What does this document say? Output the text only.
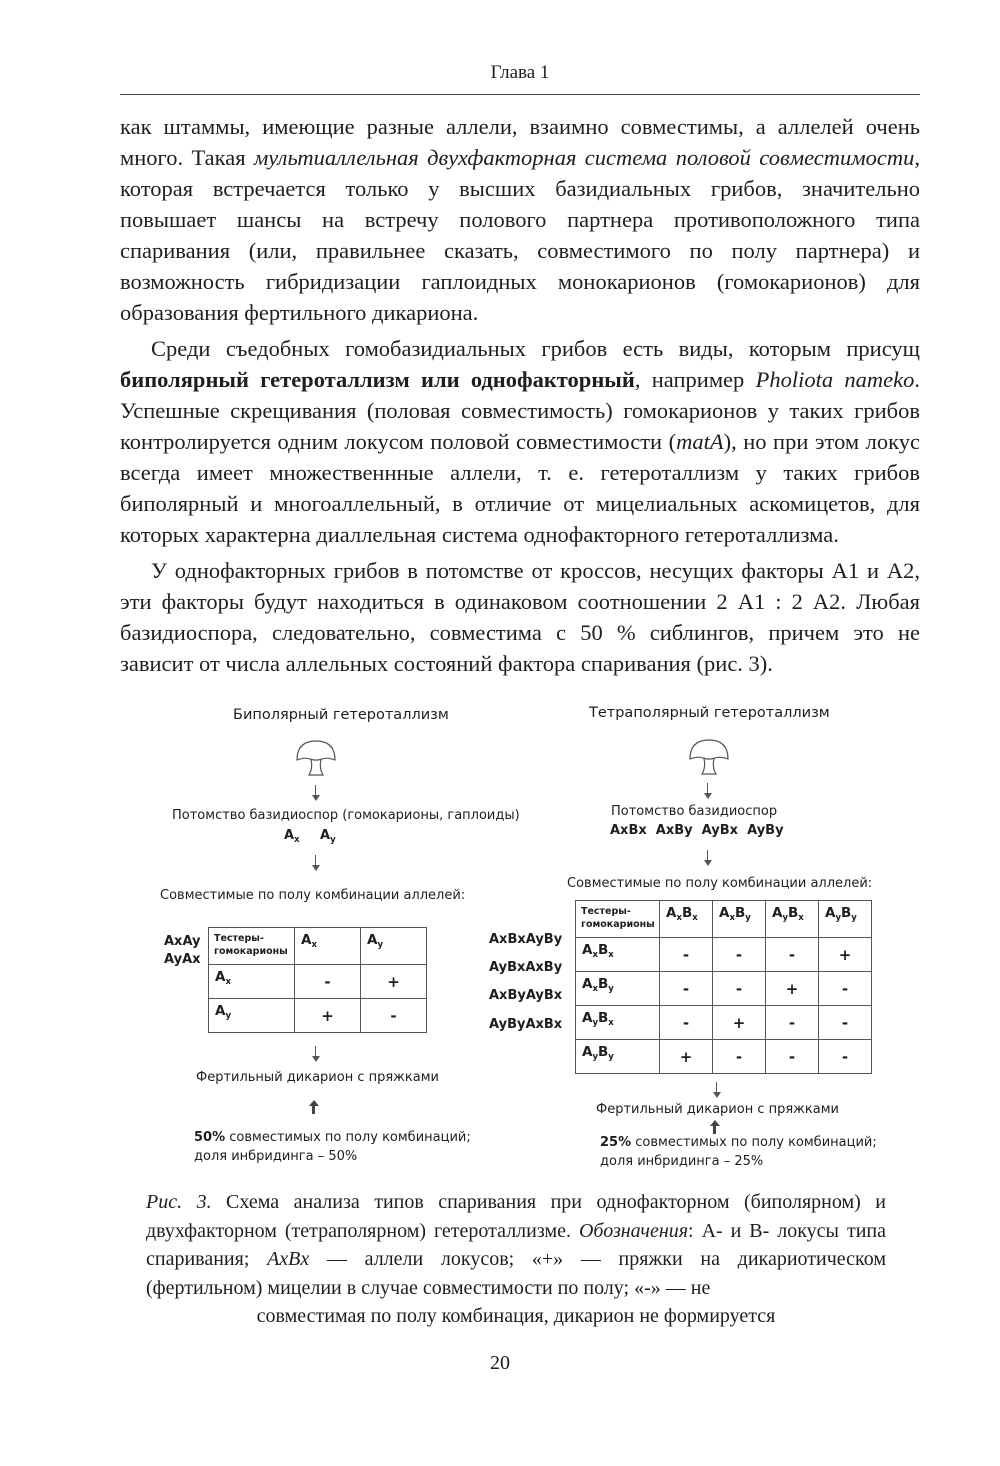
Глава 1

как штаммы, имеющие разные аллели, взаимно совместимы, а аллелей очень много. Такая мультиаллельная двухфакторная система половой совместимости, которая встречается только у высших базидиальных грибов, значительно повышает шансы на встречу полового партнера противоположного типа спаривания (или, правильнее сказать, совместимого по полу партнера) и возможность гибридизации гаплоидных монокарионов (гомокарионов) для образования фертильного дикариона.

Среди съедобных гомобазидиальных грибов есть виды, которым присущ биполярный гетероталлизм или однофакторный, например Pholiota nameko. Успешные скрещивания (половая совместимость) гомокарионов у таких грибов контролируется одним локусом половой совместимости (matA), но при этом локус всегда имеет множественнные аллели, т. е. гетероталлизм у таких грибов биполярный и многоаллельный, в отличие от мицелиальных аскомицетов, для которых характерна диаллельная система однофакторного гетероталлизма.

У однофакторных грибов в потомстве от кроссов, несущих факторы А1 и А2, эти факторы будут находиться в одинаковом соотношении 2 А1 : 2 А2. Любая базидиоспора, следовательно, совместима с 50 % сиблингов, причем это не зависит от числа аллельных состояний фактора спаривания (рис. 3).

Биполярный гетероталлизм
Потомство базидиоспор (гомокарионы, гаплоиды)
$A_x$ $A_y$
Совместимые по полу комбинации аллелей:
AxAy
AyAx
Тестеры-гомокарионы	$A_x$	$A_y$
$A_x$	-	+
$A_y$	+	-
Фертильный дикарион с пряжками
50% совместимых по полу комбинаций;
доля инбридинга – 50%
Тетраполярный гетероталлизм
Потомство базидиоспор
AxBx  AxBy  AyBx  AyBy
Совместимые по полу комбинации аллелей:
AxBxAyBy
AyBxAxBy
AxByAyBx
AyByAxBx
Тестеры-гомокарионы	$A_xB_x$	$A_xB_y$	$A_yB_x$	$A_yB_y$
$A_xB_x$	-	-	-	+
$A_xB_y$	-	-	+	-
$A_yB_x$	-	+	-	-
$A_yB_y$	+	-	-	-
Фертильный дикарион с пряжками
25% совместимых по полу комбинаций;
доля инбридинга – 25%
Рис. 3. Схема анализа типов спаривания при однофакторном (биполярном) и двухфакторном (тетраполярном) гетероталлизме. Обозначения: А- и В- локусы типа спаривания; AxBx — аллели локусов; «+» — пряжки на дикариотическом (фертильном) мицелии в случае совместимости по полу; «-» — не
совместимая по полу комбинация, дикарион не формируется
20
